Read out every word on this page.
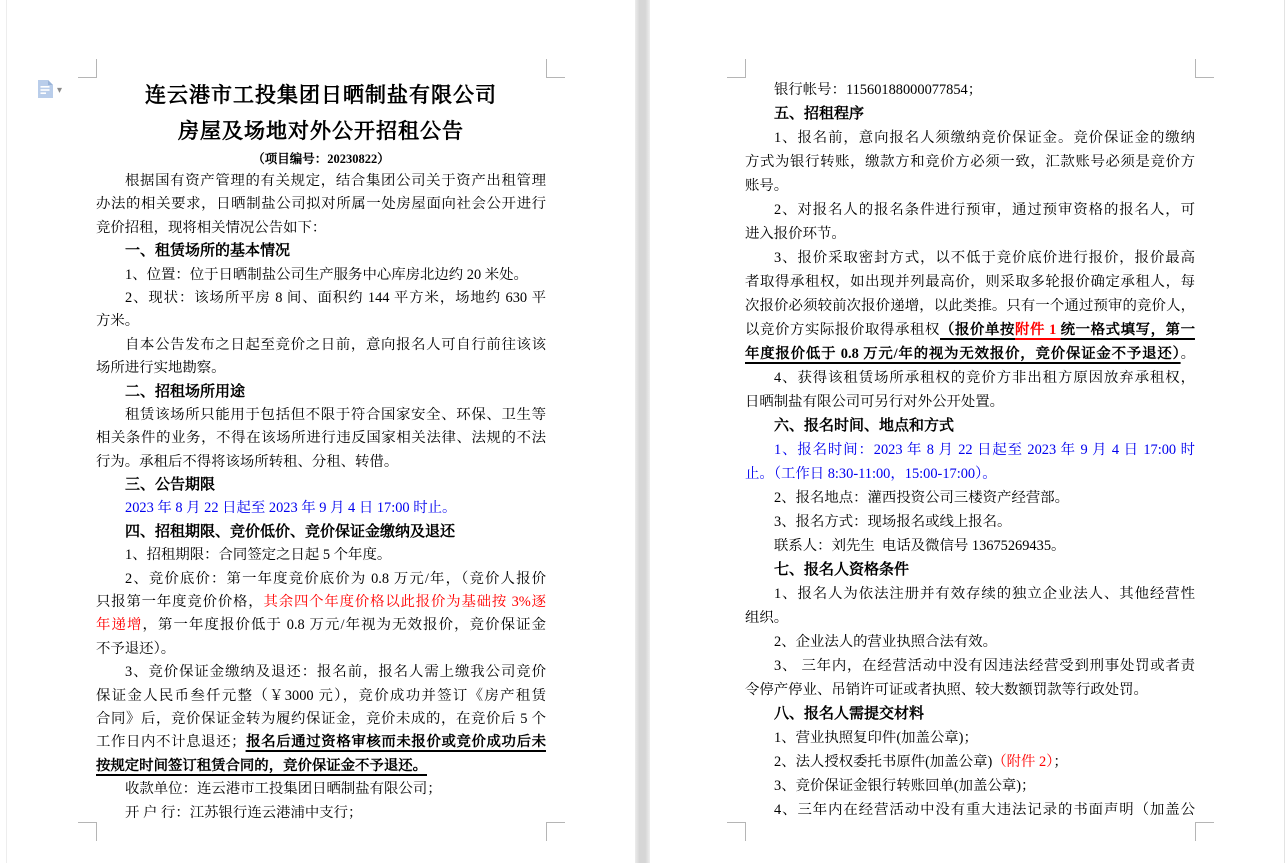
▾	连云港市工投集团日晒制盐有限公司
房屋及场地对外公开招租公告
（项目编号：20230822）
根据国有资产管理的有关规定，结合集团公司关于资产出租管理
办法的相关要求，日晒制盐公司拟对所属一处房屋面向社会公开进行
竞价招租，现将相关情况公告如下：
一、租赁场所的基本情况
1、位置：位于日晒制盐公司生产服务中心库房北边约 20 米处。
2、现状：该场所平房 8 间、面积约 144 平方米，场地约 630 平
方米。
自本公告发布之日起至竞价之日前，意向报名人可自行前往该该
场所进行实地勘察。
二、招租场所用途
租赁该场所只能用于包括但不限于符合国家安全、环保、卫生等
相关条件的业务，不得在该场所进行违反国家相关法律、法规的不法
行为。承租后不得将该场所转租、分租、转借。
三、公告期限
2023 年 8 月 22 日起至 2023 年 9 月 4 日 17:00 时止。
四、招租期限、竞价低价、竞价保证金缴纳及退还
1、招租期限：合同签定之日起 5 个年度。
2、竞价底价：第一年度竞价底价为 0.8 万元/年，（竞价人报价
只报第一年度竞价价格，其余四个年度价格以此报价为基础按 3%逐
年递增，第一年度报价低于 0.8 万元/年视为无效报价，竞价保证金
不予退还）。
3、竞价保证金缴纳及退还：报名前，报名人需上缴我公司竞价
保证金人民币叁仟元整（￥3000 元），竞价成功并签订《房产租赁
合同》后，竞价保证金转为履约保证金，竞价未成的，在竞价后 5 个
工作日内不计息退还；报名后通过资格审核而未报价或竞价成功后未
按规定时间签订租赁合同的，竞价保证金不予退还。
收款单位：连云港市工投集团日晒制盐有限公司；
开 户 行：江苏银行连云港浦中支行；
银行帐号：11560188000077854；
五、招租程序
1、报名前，意向报名人须缴纳竞价保证金。竞价保证金的缴纳
方式为银行转账，缴款方和竞价方必须一致，汇款账号必须是竞价方
账号。
2、对报名人的报名条件进行预审，通过预审资格的报名人，可
进入报价环节。
3、报价采取密封方式，以不低于竞价底价进行报价，报价最高
者取得承租权，如出现并列最高价，则采取多轮报价确定承租人，每
次报价必须较前次报价递增，以此类推。只有一个通过预审的竞价人，
以竞价方实际报价取得承租权（报价单按附件 1 统一格式填写，第一
年度报价低于 0.8 万元/年的视为无效报价，竞价保证金不予退还）。
4、获得该租赁场所承租权的竞价方非出租方原因放弃承租权，
日晒制盐有限公司可另行对外公开处置。
六、报名时间、地点和方式
1、报名时间：2023 年 8 月 22 日起至 2023 年 9 月 4 日 17:00 时
止。（工作日 8:30-11:00，15:00-17:00）。
2、报名地点：灌西投资公司三楼资产经营部。
3、报名方式：现场报名或线上报名。
联系人：刘先生  电话及微信号 13675269435。
七、报名人资格条件
1、报名人为依法注册并有效存续的独立企业法人、其他经营性
组织。
2、企业法人的营业执照合法有效。
3、 三年内，在经营活动中没有因违法经营受到刑事处罚或者责
令停产停业、吊销许可证或者执照、较大数额罚款等行政处罚。
八、报名人需提交材料
1、营业执照复印件(加盖公章)；
2、法人授权委托书原件(加盖公章)（附件 2）；
3、竞价保证金银行转账回单(加盖公章)；
4、三年内在经营活动中没有重大违法记录的书面声明（加盖公
